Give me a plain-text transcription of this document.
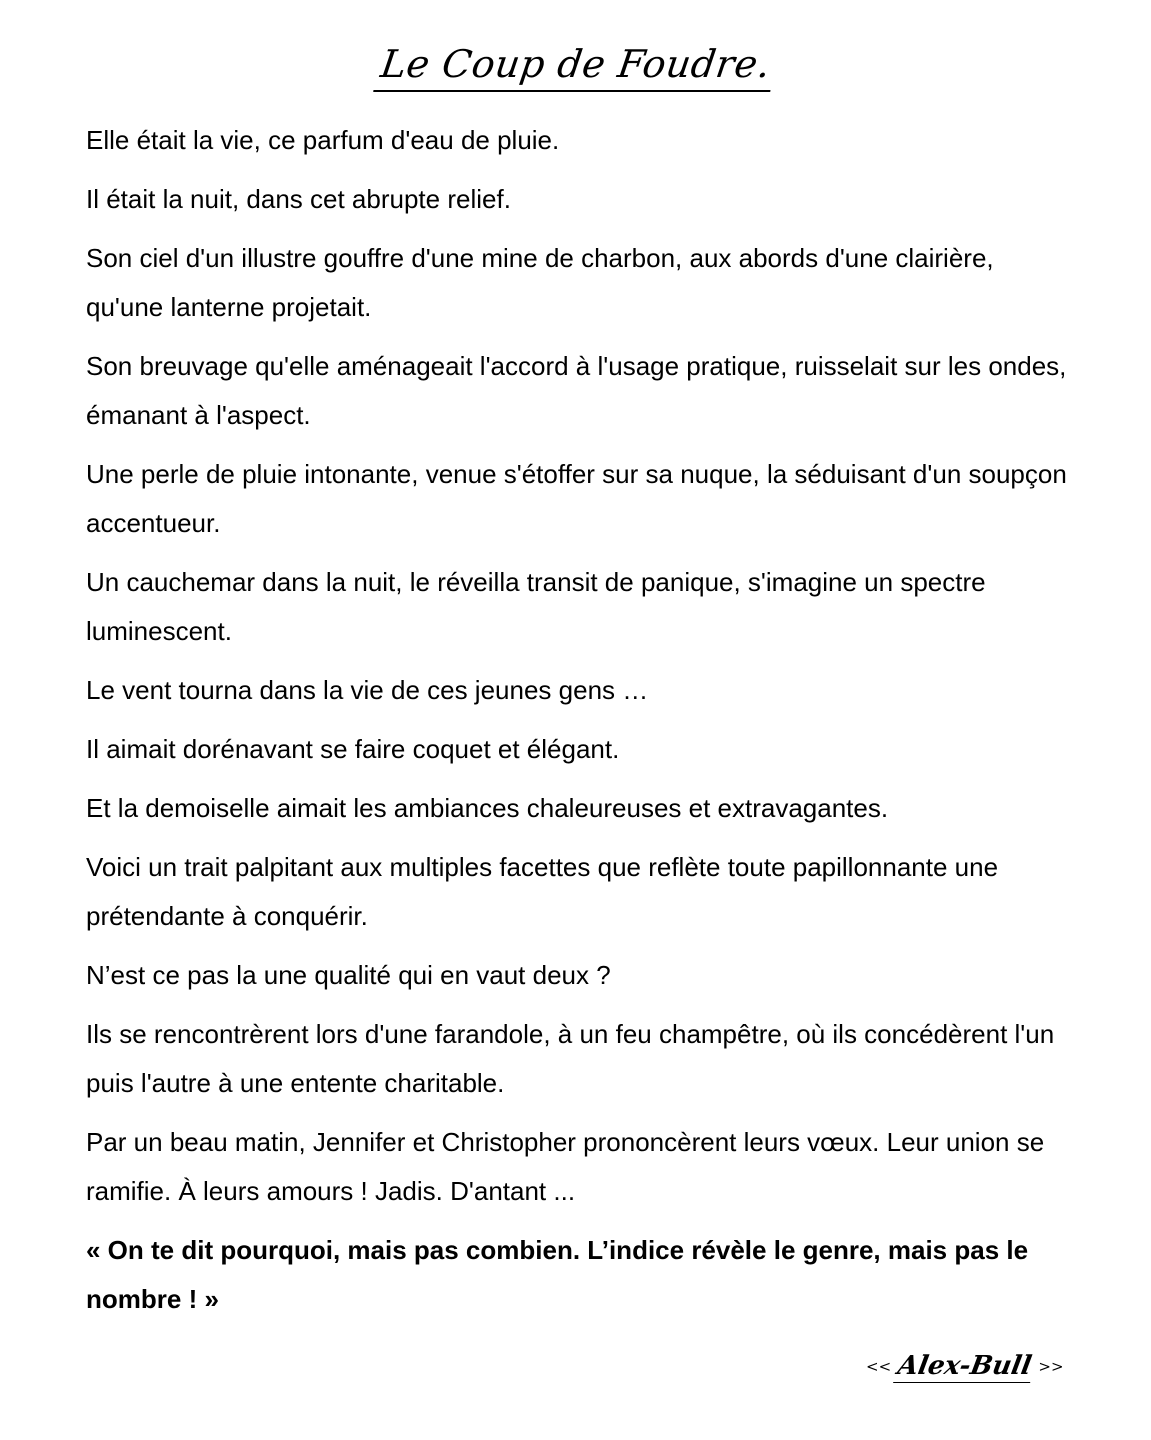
Le Coup de Foudre.

Elle était la vie, ce parfum d'eau de pluie.

Il était la nuit, dans cet abrupte relief.

Son ciel d'un illustre gouffre d'une mine de charbon, aux abords d'une clairière, qu'une lanterne projetait.

Son breuvage qu'elle aménageait l'accord à l'usage pratique, ruisselait sur les ondes, émanant à l'aspect.

Une perle de pluie intonante, venue s'étoffer sur sa nuque, la séduisant d'un soupçon accentueur.

Un cauchemar dans la nuit, le réveilla transit de panique, s'imagine un spectre luminescent.

Le vent tourna dans la vie de ces jeunes gens …

Il aimait dorénavant se faire coquet et élégant.

Et la demoiselle aimait les ambiances chaleureuses et extravagantes.

Voici un trait palpitant aux multiples facettes que reflète toute papillonnante une prétendante à conquérir.

N’est ce pas la une qualité qui en vaut deux ?

Ils se rencontrèrent lors d'une farandole, à un feu champêtre, où ils concédèrent l'un puis l'autre à une entente charitable.

Par un beau matin, Jennifer et Christopher prononcèrent leurs vœux. Leur union se ramifie. À leurs amours ! Jadis. D'antant ...

« On te dit pourquoi, mais pas combien. L’indice révèle le genre, mais pas le nombre ! »

<< Alex-Bull >>
